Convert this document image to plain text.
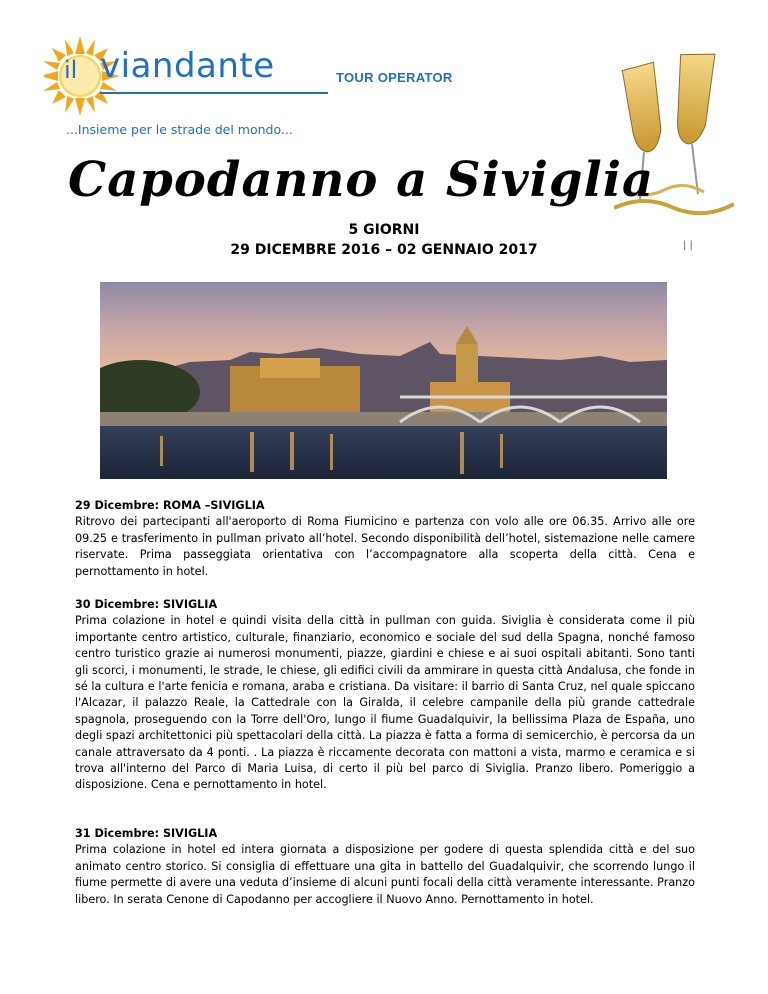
il viandante	TOUR OPERATOR
...Insieme per le strade del mondo...
Capodanno a Siviglia
5 GIORNI
29 DICEMBRE 2016 – 02 GENNAIO 2017	| |
29 Dicembre: ROMA –SIVIGLIA

Ritrovo dei partecipanti all'aeroporto di Roma Fiumicino e partenza con volo alle ore 06.35. Arrivo alle ore 09.25 e trasferimento in pullman privato all’hotel. Secondo disponibilità dell’hotel, sistemazione nelle camere riservate. Prima passeggiata orientativa con l’accompagnatore alla scoperta della città. Cena e pernottamento in hotel.

30 Dicembre: SIVIGLIA

Prima colazione in hotel e quindi visita della città in pullman con guida. Siviglia è considerata come il più importante centro artistico, culturale, finanziario, economico e sociale del sud della Spagna, nonché famoso centro turistico grazie ai numerosi monumenti, piazze, giardini e chiese e ai suoi ospitali abitanti. Sono tanti gli scorci, i monumenti, le strade, le chiese, gli edifici civili da ammirare in questa città Andalusa, che fonde in sé la cultura e l'arte fenicia e romana, araba e cristiana. Da visitare: il barrio di Santa Cruz, nel quale spiccano l'Alcazar, il palazzo Reale, la Cattedrale con la Giralda, il celebre campanile della più grande cattedrale spagnola, proseguendo con la Torre dell'Oro, lungo il fiume Guadalquivir, la bellissima Plaza de España, uno degli spazi architettonici più spettacolari della città. La piazza è fatta a forma di semicerchio, è percorsa da un canale attraversato da 4 ponti. . La piazza è riccamente decorata con mattoni a vista, marmo e ceramica e si trova all'interno del Parco di Maria Luisa, di certo il più bel parco di Siviglia. Pranzo libero. Pomeriggio a disposizione. Cena e pernottamento in hotel.

31 Dicembre: SIVIGLIA

Prima colazione in hotel ed intera giornata a disposizione per godere di questa splendida città e del suo animato centro storico. Si consiglia di effettuare una gita in battello del Guadalquivir, che scorrendo lungo il fiume permette di avere una veduta d’insieme di alcuni punti focali della città veramente interessante. Pranzo libero. In serata Cenone di Capodanno per accogliere il Nuovo Anno. Pernottamento in hotel.
